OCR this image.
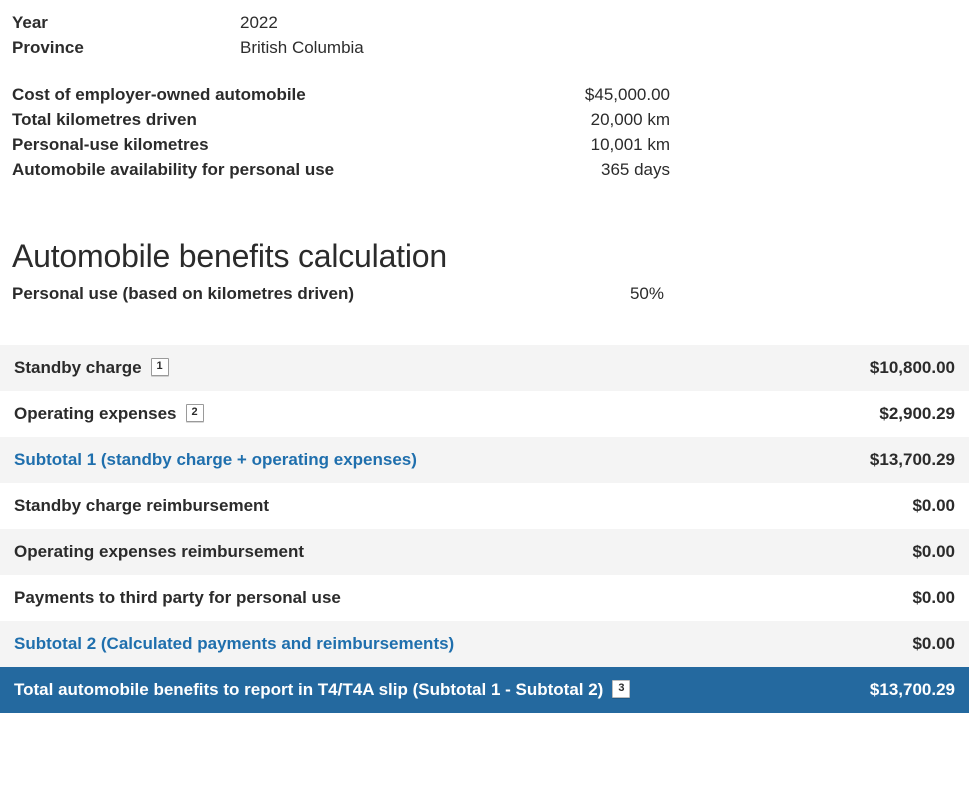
Year	2022
Province	British Columbia
Cost of employer-owned automobile	$45,000.00
Total kilometres driven	20,000 km
Personal-use kilometres	10,001 km
Automobile availability for personal use	365 days
Automobile benefits calculation
Personal use (based on kilometres driven)	50%
Standby charge 1	$10,800.00
Operating expenses 2	$2,900.29
Subtotal 1 (standby charge + operating expenses)	$13,700.29
Standby charge reimbursement	$0.00
Operating expenses reimbursement	$0.00
Payments to third party for personal use	$0.00
Subtotal 2 (Calculated payments and reimbursements)	$0.00
Total automobile benefits to report in T4/T4A slip (Subtotal 1 - Subtotal 2) 3	$13,700.29
